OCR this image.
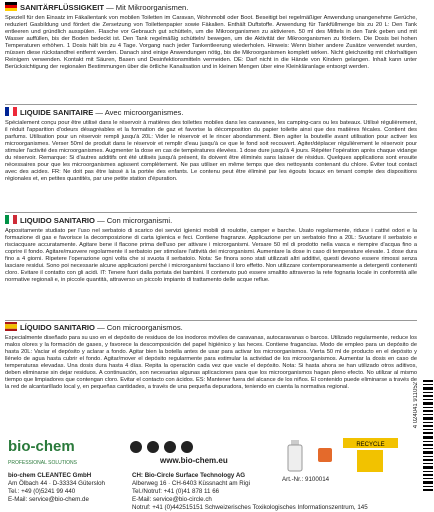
SANITÄRFLÜSSIGKEIT — Mit Mikroorganismen.
Speziell für den Einsatz im Fäkalientank von mobilen Toiletten im Caravan, Wohnmobil oder Boot. Beseitigt bei regelmäßiger Anwendung unangenehme Gerüche, reduziert Gasbildung und fördert die Zersetzung von Toilettenpapier sowie Fäkalien. Enthält Duftstoffe. Anwendung für Tankfüllmenge bis zu 20 L: Den Tank entleeren und gründlich ausspülen. Flasche vor Gebrauch gut schütteln, um die Mikroorganismen zu aktivieren. 50 ml des Mittels in den Tank geben und mit Wasser auffüllen, bis der Boden bedeckt ist. Den Tank regelmäßig schütteln/ bewegen, um die Aktivität der Mikroorganismen zu fördern. Die Dosis bei hohen Temperaturen erhöhen. 1 Dosis hält bis zu 4 Tage. Vorgang nach jeder Tankentleerung wiederholen. Hinweis: Wenn bisher andere Zusätze verwendet wurden, müssen diese rückstandfrei entfernt werden. Danach sind einige Anwendungen nötig, bis die Mikroorganismen komplett wirken. Nicht gleichzeitig mit chlorhaltigen Reinigern verwenden. Kontakt mit Säuren, Basen und Desinfektionsmitteln vermeiden. DE: Darf nicht in die Hände von Kindern gelangen. Inhalt kann unter Berücksichtigung der regionalen Bestimmungen über die örtliche Kanalisation und in kleinen Mengen über eine Kleinkläranlage entsorgt werden.
LIQUIDE SANITAIRE — Avec microorganismes.
Spécialement conçu pour être utilisé dans le réservoir à matières des toilettes mobiles dans les caravanes, les camping-cars ou les bateaux. Utilisé régulièrement, il réduit l'apparition d'odeurs désagréables et la formation de gaz et favorise la décomposition du papier toilette ainsi que des matières fécales. Contient des parfums. Utilisation pour un réservoir rempli jusqu'à 20L: Vider le réservoir et le rincer abondamment. Bien agiter la bouteille avant utilisation pour activer les microorganismes. Verser 50ml de produit dans le réservoir et remplir d'eau jusqu'à ce que le fond soit recouvert. Agiter/déplacer régulièrement le réservoir pour stimuler l'activité des microorganismes. Augmenter la dose en cas de températures élevées. 1 dose dure jusqu'à 4 jours. Répéter l'opération après chaque vidange du réservoir. Remarque: Si d'autres additifs ont été utilisés jusqu'à présent, ils doivent être éliminés sans laisser de résidus. Quelques applications sont ensuite nécessaires pour que les microorganismes agissent complètement. Ne pas utiliser en même temps que des nettoyants contenant du chlore. Éviter tout contact avec des acides. FR: Ne doit pas être laissé à la portée des enfants. Le contenu peut être éliminé par les égouts locaux en tenant compte des dispositions régionales et, en petites quantités, par une petite station d'épuration.
LIQUIDO SANITARIO — Con microrganismi.
Appositamente studiato per l'uso nel serbatoio di scarico dei servizi igienici mobili di roulotte, camper e barche. Usato regolarmente, riduce i cattivi odori e la formazione di gas e favorisce la decomposizione di carta igienica e feci. Contiene fragranze. Applicazione per un serbatoio fino a 20L: Svuotare il serbatoio e risciacquare accuratamente. Agitare bene il flacone prima dell'uso per attivare i microrganismi. Versare 50 ml di prodotto nella vasca e riempire d'acqua fino a coprire il fondo. Agitare/muovere regolarmente il serbatoio per stimolare l'attività dei microrganismi. Aumentare la dose in caso di temperature elevate. 1 dose dura fino a 4 giorni. Ripetere l'operazione ogni volta che si svuota il serbatoio. Nota: Se finora sono stati utilizzati altri additivi, questi devono essere rimossi senza lasciare residui. Sono poi necessarie alcune applicazioni perché i microrganismi facciano il loro effetto. Non utilizzare contemporaneamente a detergenti contenenti cloro. Evitare il contatto con gli acidi. IT: Tenere fuori dalla portata dei bambini. Il contenuto può essere smaltito attraverso la rete fognaria locale in conformità alle normative regionali e, in piccole quantità, attraverso un piccolo impianto di trattamento delle acque reflue.
LÍQUIDO SANITARIO — Con microorganismos.
Especialmente diseñado para su uso en el depósito de residuos de los inodoros móviles de caravanas, autocaravanas o barcos. Utilizado regularmente, reduce los malos olores y la formación de gases, y favorece la descomposición del papel higiénico y las heces. Contiene fragancias. Modo de empleo para un depósito de hasta 20L: Vaciar el depósito y aclarar a fondo. Agitar bien la botella antes de usar para activar los microorganismos. Vierta 50 ml de producto en el depósito y llénelo de agua hasta cubrir el fondo. Agitar/mover el depósito regularmente para estimular la actividad de los microorganismos. Aumentar la dosis en caso de temperaturas elevadas. Una dosis dura hasta 4 días. Repita la operación cada vez que vacíe el depósito. Nota: Si hasta ahora se han utilizado otros aditivos, deben eliminarse sin dejar residuos. A continuación, son necesarias algunas aplicaciones para que los microorganismos hagan pleno efecto. No utilizar al mismo tiempo que limpiadores que contengan cloro. Evitar el contacto con ácidos. ES: Mantener fuera del alcance de los niños. El contenido puede eliminarse a través de la red de alcantarillado local y, en pequeñas cantidades, a través de una pequeña depuradora, teniendo en cuenta la normativa regional.	4 024041 911052
bio-chem
PROFESSIONAL SOLUTIONS
bio-chem CLEANTEC GmbH
Am Ölbach 44 · D-33334 Gütersloh
Tel.: +49 (0)5241 99 440
E-Mail: service@bio-chem.de
www.bio-chem.eu
CH: Bio-Circle Surface Technology AG
Alberweg 16 · CH-6403 Küssnacht am Rigi
Tel./Notruf: +41 (0)41 878 11 66
E-Mail: service@bio-circle.ch
Notruf: +41 (0)442515151 Schweizerisches Toxikologisches Informationszentrum, 145
Art.-Nr.: 9100014
RECYCLE
